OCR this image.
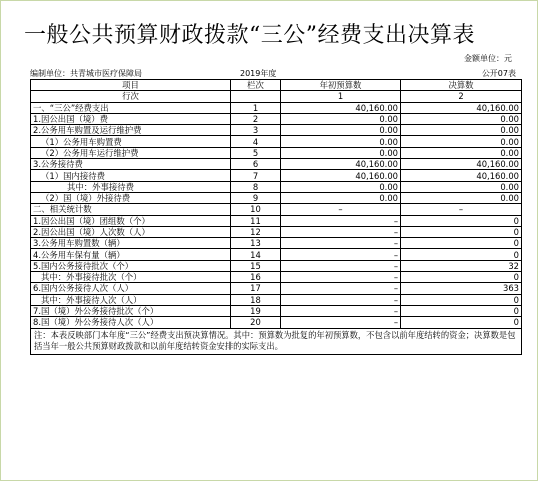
一般公共预算财政拨款“三公”经费支出决算表
金额单位：元
编制单位：共青城市医疗保障局	2019年度	公开07表
项目	栏次	年初预算数	决算数
行次		1	2
一、“三公”经费支出	1	40,160.00	40,160.00
1.因公出国（境）费	2	0.00	0.00
2.公务用车购置及运行维护费	3	0.00	0.00
（1）公务用车购置费	4	0.00	0.00
（2）公务用车运行维护费	5	0.00	0.00
3.公务接待费	6	40,160.00	40,160.00
（1）国内接待费	7	40,160.00	40,160.00
其中：外事接待费	8	0.00	0.00
（2）国（境）外接待费	9	0.00	0.00
二、相关统计数	10	–	–
1.因公出国（境）团组数（个）	11	–	0
2.因公出国（境）人次数（人）	12	–	0
3.公务用车购置数（辆）	13	–	0
4.公务用车保有量（辆）	14	–	0
5.国内公务接待批次（个）	15	–	32
其中：外事接待批次（个）	16	–	0
6.国内公务接待人次（人）	17	–	363
其中：外事接待人次（人）	18	–	0
7.国（境）外公务接待批次（个）	19	–	0
8.国（境）外公务接待人次（人）	20	–	0
注：本表反映部门本年度“三公”经费支出预决算情况。其中：预算数为批复的年初预算数，不包含以前年度结转的资金；决算数是包括当年一般公共预算财政拨款和以前年度结转资金安排的实际支出。			
